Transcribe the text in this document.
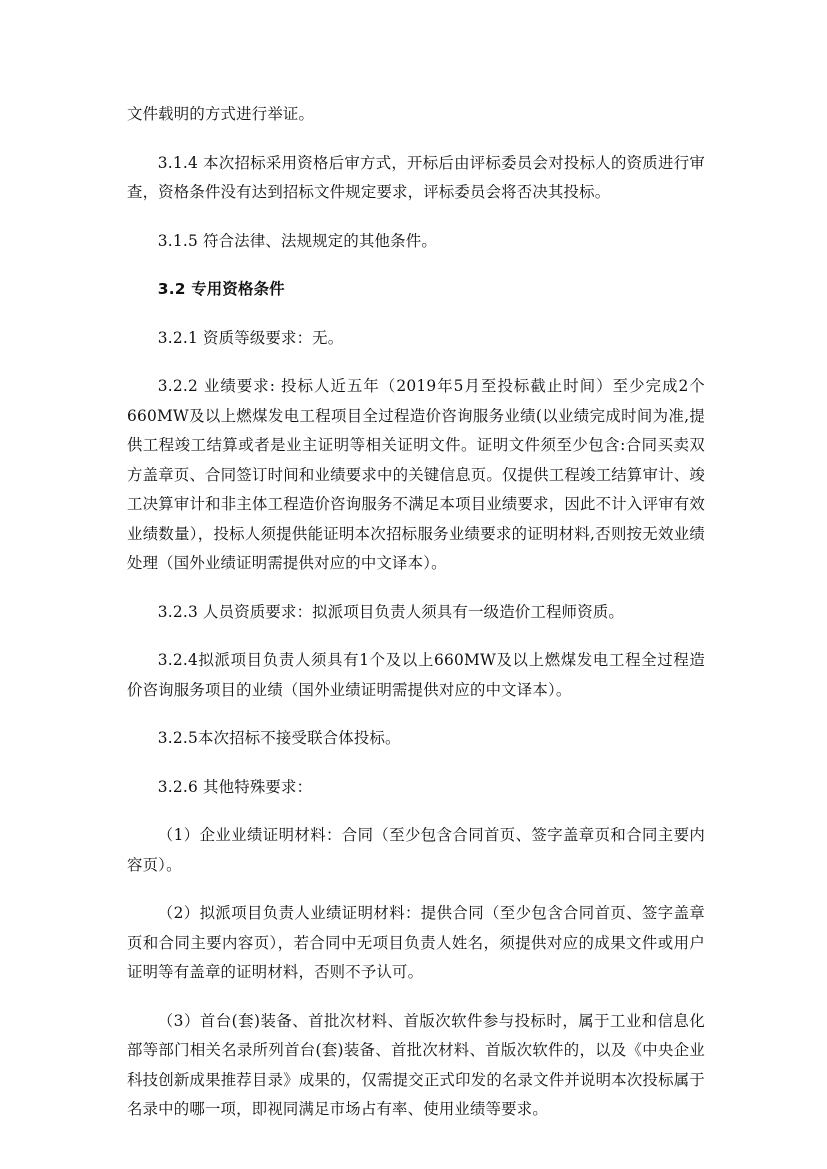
文件载明的方式进行举证。

3.1.4 本次招标采用资格后审方式，开标后由评标委员会对投标人的资质进行审查，资格条件没有达到招标文件规定要求，评标委员会将否决其投标。

3.1.5 符合法律、法规规定的其他条件。

3.2 专用资格条件

3.2.1 资质等级要求：无。

3.2.2 业绩要求: 投标人近五年（2019年5月至投标截止时间）至少完成2个660MW及以上燃煤发电工程项目全过程造价咨询服务业绩(以业绩完成时间为准,提供工程竣工结算或者是业主证明等相关证明文件。证明文件须至少包含:合同买卖双方盖章页、合同签订时间和业绩要求中的关键信息页。仅提供工程竣工结算审计、竣工决算审计和非主体工程造价咨询服务不满足本项目业绩要求，因此不计入评审有效业绩数量），投标人须提供能证明本次招标服务业绩要求的证明材料,否则按无效业绩处理（国外业绩证明需提供对应的中文译本）。

3.2.3 人员资质要求：拟派项目负责人须具有一级造价工程师资质。

3.2.4拟派项目负责人须具有1个及以上660MW及以上燃煤发电工程全过程造价咨询服务项目的业绩（国外业绩证明需提供对应的中文译本）。

3.2.5本次招标不接受联合体投标。

3.2.6 其他特殊要求：

（1）企业业绩证明材料：合同（至少包含合同首页、签字盖章页和合同主要内容页）。

（2）拟派项目负责人业绩证明材料：提供合同（至少包含合同首页、签字盖章页和合同主要内容页），若合同中无项目负责人姓名，须提供对应的成果文件或用户证明等有盖章的证明材料，否则不予认可。

（3）首台(套)装备、首批次材料、首版次软件参与投标时，属于工业和信息化部等部门相关名录所列首台(套)装备、首批次材料、首版次软件的，以及《中央企业科技创新成果推荐目录》成果的，仅需提交正式印发的名录文件并说明本次投标属于名录中的哪一项，即视同满足市场占有率、使用业绩等要求。
